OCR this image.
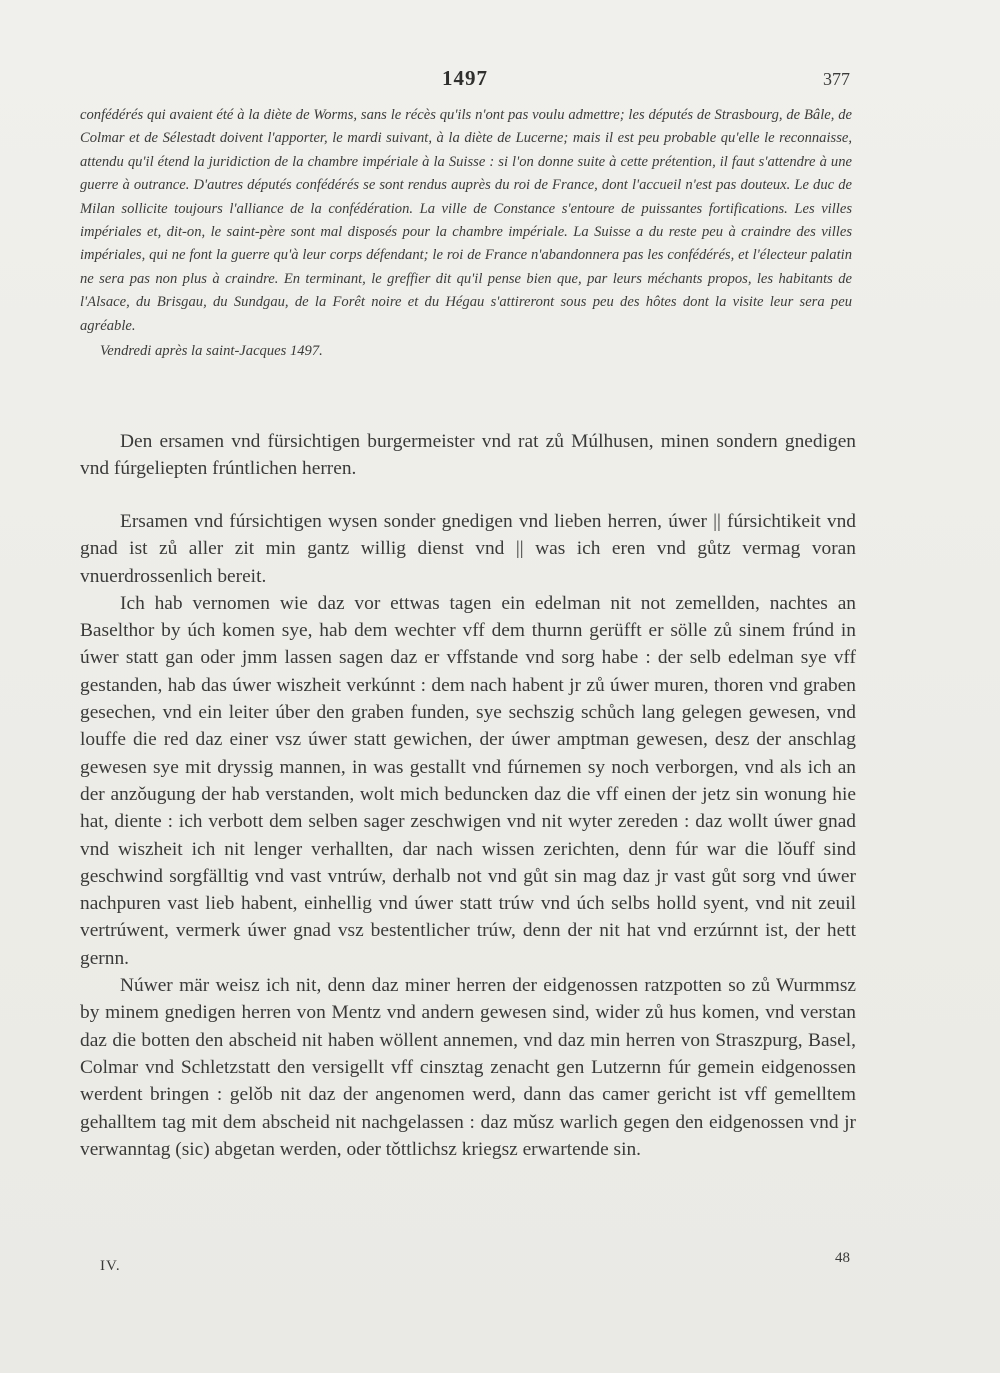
1497	377

confédérés qui avaient été à la diète de Worms, sans le récès qu'ils n'ont pas voulu admettre; les députés de Strasbourg, de Bâle, de Colmar et de Sélestadt doivent l'apporter, le mardi suivant, à la diète de Lucerne; mais il est peu probable qu'elle le reconnaisse, attendu qu'il étend la juridiction de la chambre impériale à la Suisse : si l'on donne suite à cette prétention, il faut s'attendre à une guerre à outrance. D'autres députés confédérés se sont rendus auprès du roi de France, dont l'accueil n'est pas douteux. Le duc de Milan sollicite toujours l'alliance de la confédération. La ville de Constance s'entoure de puissantes fortifications. Les villes impériales et, dit-on, le saint-père sont mal disposés pour la chambre impériale. La Suisse a du reste peu à craindre des villes impériales, qui ne font la guerre qu'à leur corps défendant; le roi de France n'abandonnera pas les confédérés, et l'électeur palatin ne sera pas non plus à craindre. En terminant, le greffier dit qu'il pense bien que, par leurs méchants propos, les habitants de l'Alsace, du Brisgau, du Sundgau, de la Forêt noire et du Hégau s'attireront sous peu des hôtes dont la visite leur sera peu agréable.

Vendredi après la saint-Jacques 1497.

Den ersamen vnd fürsichtigen burgermeister vnd rat zů Múlhusen, minen sondern gnedigen vnd fúrgeliepten frúntlichen herren.

Ersamen vnd fúrsichtigen wysen sonder gnedigen vnd lieben herren, úwer || fúrsichtikeit vnd gnad ist zů aller zit min gantz willig dienst vnd || was ich eren vnd gůtz vermag voran vnuerdrossenlich bereit.

Ich hab vernomen wie daz vor ettwas tagen ein edelman nit not zemellden, nachtes an Baselthor by úch komen sye, hab dem wechter vff dem thurnn gerüfft er sölle zů sinem frúnd in úwer statt gan oder jmm lassen sagen daz er vffstande vnd sorg habe : der selb edelman sye vff gestanden, hab das úwer wiszheit verkúnnt : dem nach habent jr zů úwer muren, thoren vnd graben gesechen, vnd ein leiter úber den graben funden, sye sechszig schůch lang gelegen gewesen, vnd louffe die red daz einer vsz úwer statt gewichen, der úwer amptman gewesen, desz der anschlag gewesen sye mit dryssig mannen, in was gestallt vnd fúrnemen sy noch verborgen, vnd als ich an der anzǒugung der hab verstanden, wolt mich beduncken daz die vff einen der jetz sin wonung hie hat, diente : ich verbott dem selben sager zeschwigen vnd nit wyter zereden : daz wollt úwer gnad vnd wiszheit ich nit lenger verhallten, dar nach wissen zerichten, denn fúr war die lǒuff sind geschwind sorgfälltig vnd vast vntrúw, derhalb not vnd gůt sin mag daz jr vast gůt sorg vnd úwer nachpuren vast lieb habent, einhellig vnd úwer statt trúw vnd úch selbs holld syent, vnd nit zeuil vertrúwent, vermerk úwer gnad vsz bestentlicher trúw, denn der nit hat vnd erzúrnnt ist, der hett gernn.

Núwer mär weisz ich nit, denn daz miner herren der eidgenossen ratzpotten so zů Wurmmsz by minem gnedigen herren von Mentz vnd andern gewesen sind, wider zů hus komen, vnd verstan daz die botten den abscheid nit haben wöllent annemen, vnd daz min herren von Straszpurg, Basel, Colmar vnd Schletzstatt den versigellt vff cinsztag zenacht gen Lutzernn fúr gemein eidgenossen werdent bringen : gelǒb nit daz der angenomen werd, dann das camer gericht ist vff gemelltem gehalltem tag mit dem abscheid nit nachgelassen : daz mǔsz warlich gegen den eidgenossen vnd jr verwanntag (sic) abgetan werden, oder tǒttlichsz kriegsz erwartende sin.

IV.	48
